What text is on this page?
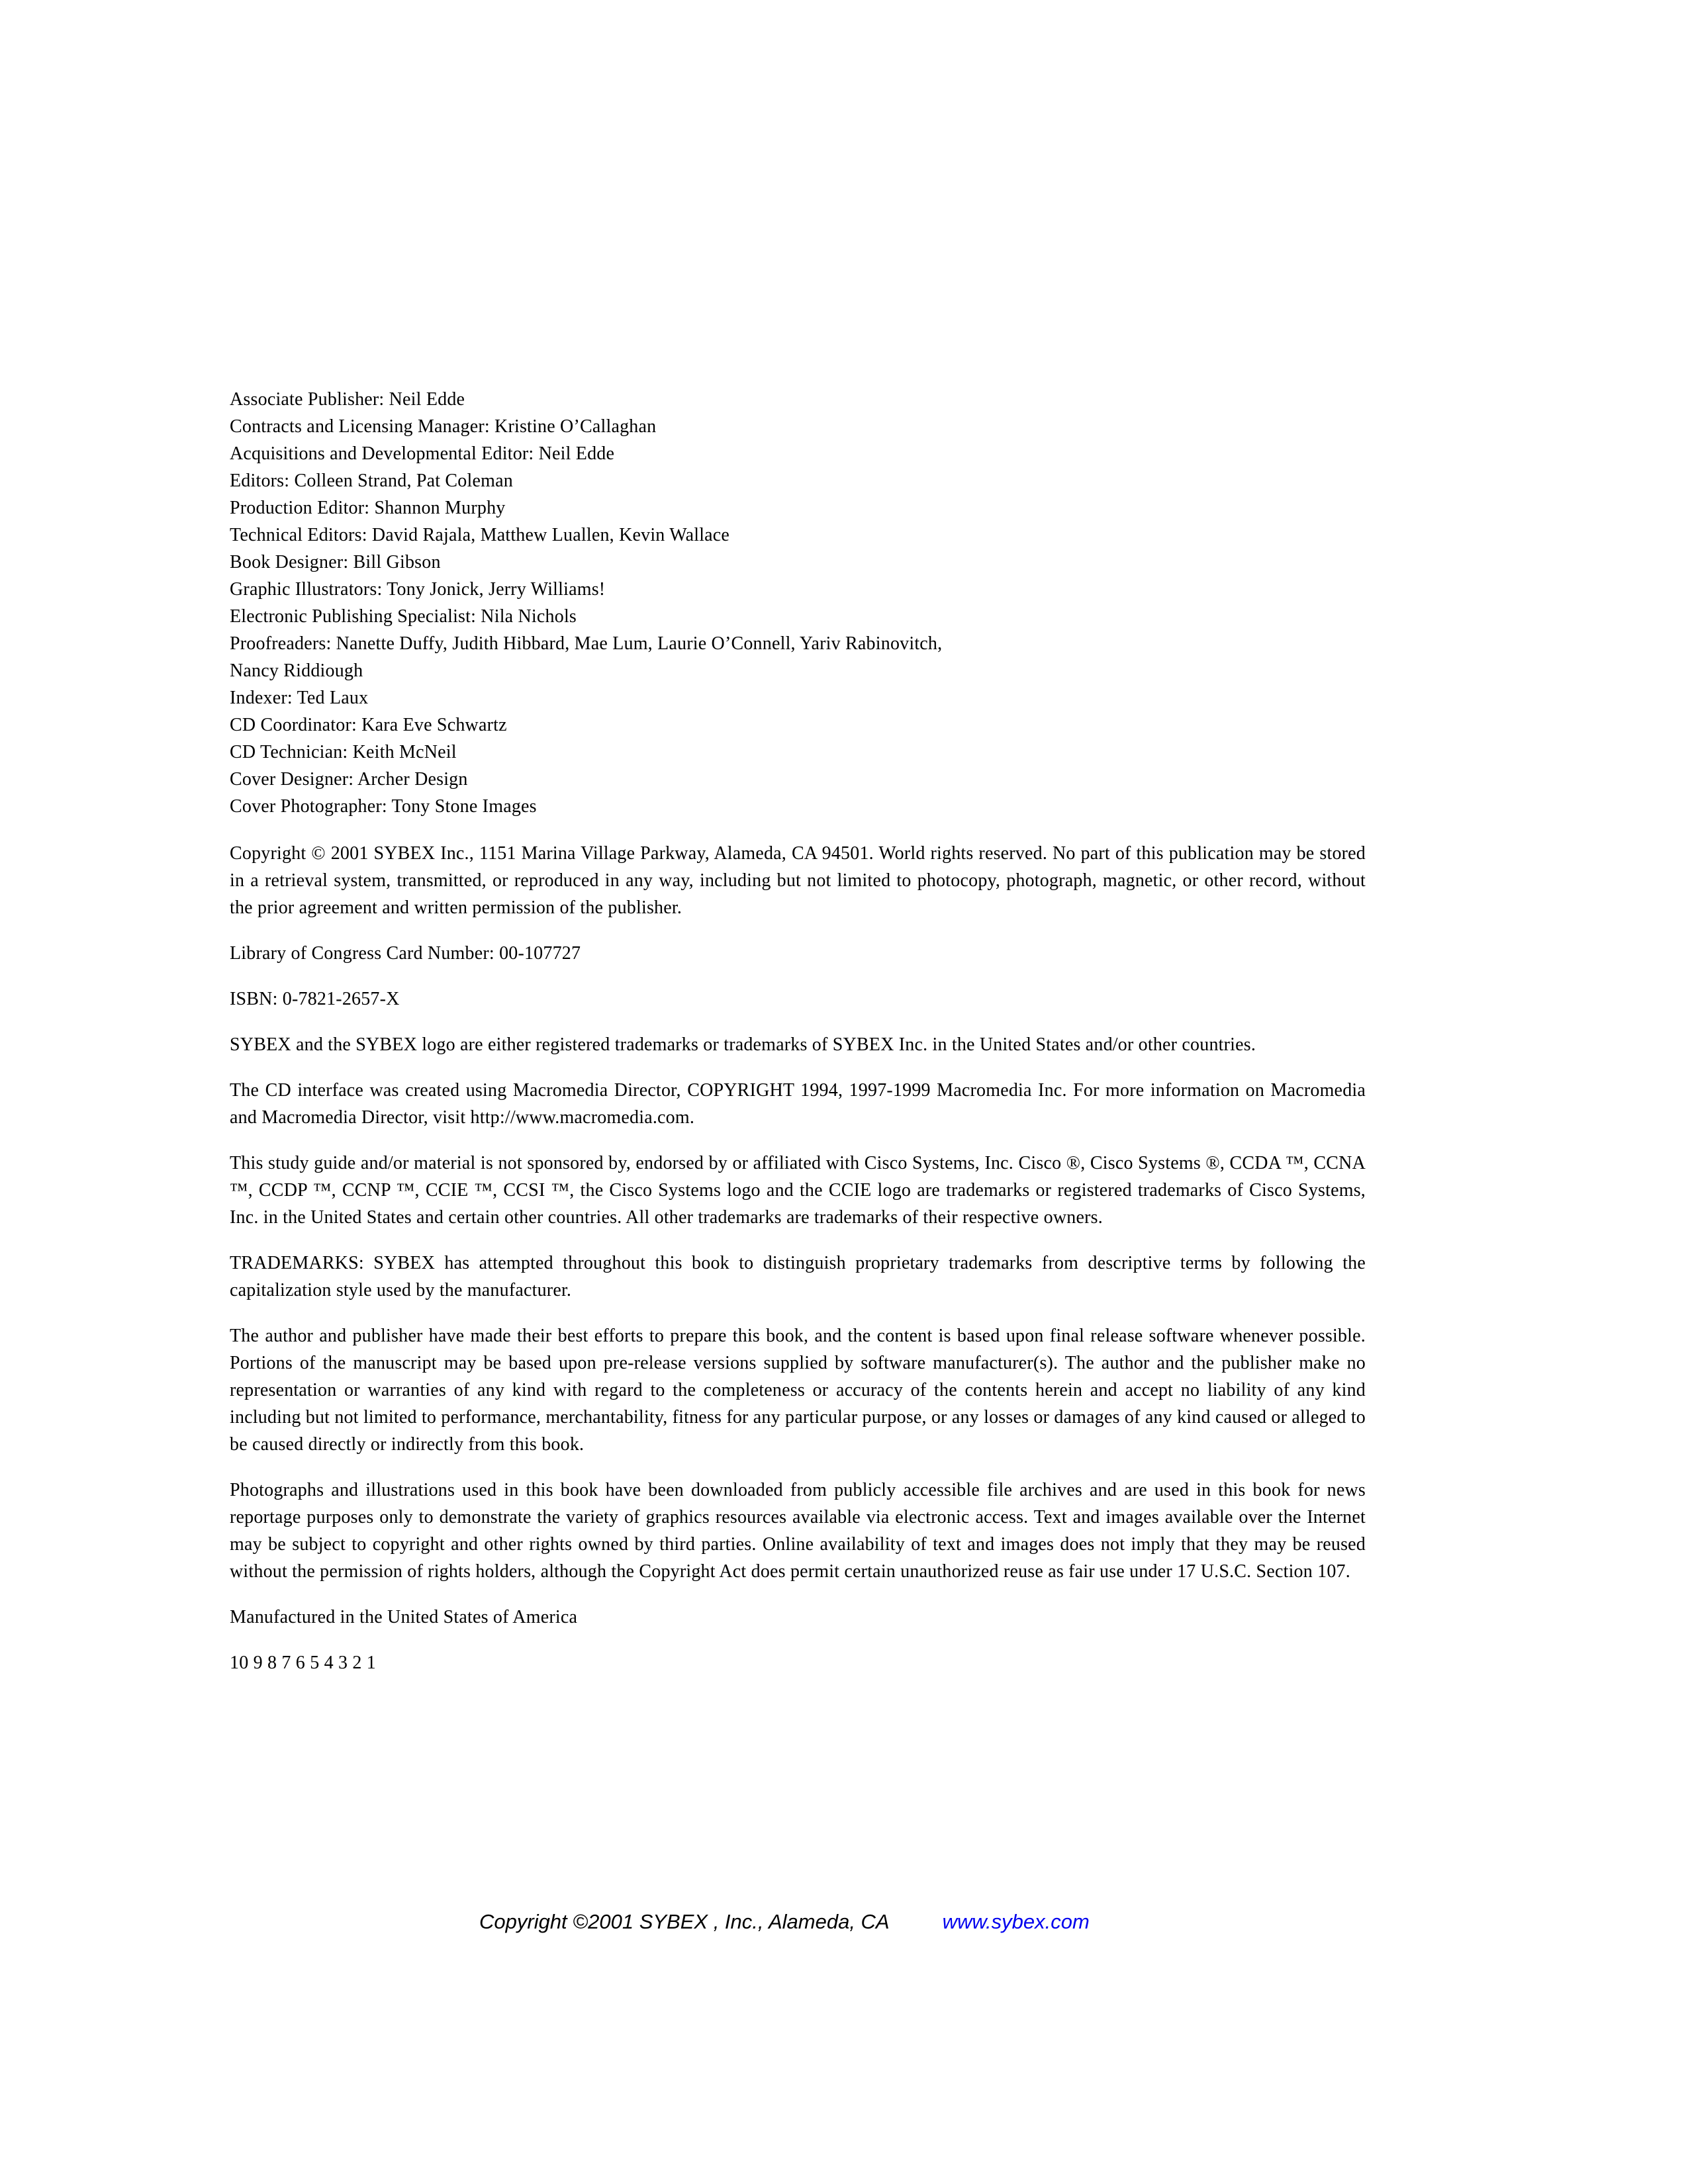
Associate Publisher: Neil Edde
Contracts and Licensing Manager: Kristine O’Callaghan
Acquisitions and Developmental Editor: Neil Edde
Editors: Colleen Strand, Pat Coleman
Production Editor: Shannon Murphy
Technical Editors: David Rajala, Matthew Luallen, Kevin Wallace
Book Designer: Bill Gibson
Graphic Illustrators: Tony Jonick, Jerry Williams!
Electronic Publishing Specialist: Nila Nichols
Proofreaders: Nanette Duffy, Judith Hibbard, Mae Lum, Laurie O’Connell, Yariv Rabinovitch,
Nancy Riddiough
Indexer: Ted Laux
CD Coordinator: Kara Eve Schwartz
CD Technician: Keith McNeil
Cover Designer: Archer Design
Cover Photographer: Tony Stone Images

Copyright © 2001 SYBEX Inc., 1151 Marina Village Parkway, Alameda, CA 94501. World rights reserved. No part of this publication may be stored in a retrieval system, transmitted, or reproduced in any way, including but not limited to photocopy, photograph, magnetic, or other record, without the prior agreement and written permission of the publisher.

Library of Congress Card Number: 00-107727

ISBN: 0-7821-2657-X

SYBEX and the SYBEX logo are either registered trademarks or trademarks of SYBEX Inc. in the United States and/or other countries.

The CD interface was created using Macromedia Director, COPYRIGHT 1994, 1997-1999 Macromedia Inc. For more information on Macromedia and Macromedia Director, visit http://www.macromedia.com.

This study guide and/or material is not sponsored by, endorsed by or affiliated with Cisco Systems, Inc. Cisco ®, Cisco Systems ®, CCDA ™, CCNA ™, CCDP ™, CCNP ™, CCIE ™, CCSI ™, the Cisco Systems logo and the CCIE logo are trademarks or registered trademarks of Cisco Systems, Inc. in the United States and certain other countries. All other trademarks are trademarks of their respective owners.

TRADEMARKS: SYBEX has attempted throughout this book to distinguish proprietary trademarks from descriptive terms by following the capitalization style used by the manufacturer.

The author and publisher have made their best efforts to prepare this book, and the content is based upon final release software whenever possible. Portions of the manuscript may be based upon pre-release versions supplied by software manufacturer(s). The author and the publisher make no representation or warranties of any kind with regard to the completeness or accuracy of the contents herein and accept no liability of any kind including but not limited to performance, merchantability, fitness for any particular purpose, or any losses or damages of any kind caused or alleged to be caused directly or indirectly from this book.

Photographs and illustrations used in this book have been downloaded from publicly accessible file archives and are used in this book for news reportage purposes only to demonstrate the variety of graphics resources available via electronic access. Text and images available over the Internet may be subject to copyright and other rights owned by third parties. Online availability of text and images does not imply that they may be reused without the permission of rights holders, although the Copyright Act does permit certain unauthorized reuse as fair use under 17 U.S.C. Section 107.

Manufactured in the United States of America

10 9 8 7 6 5 4 3 2 1

Copyright ©2001 SYBEX , Inc., Alameda, CA	www.sybex.com
